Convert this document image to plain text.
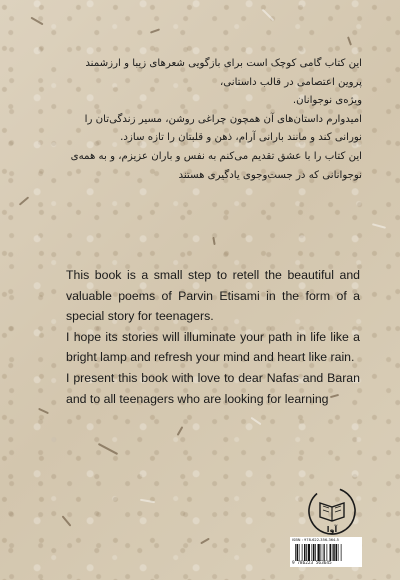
این کتاب گامی کوچک است برای بازگویی شعرهای زیبا و ارزشمند

پروین اعتصامی در قالب داستانی،

ویژه‌ی نوجوانان.

امیدوارم داستان‌های آن همچون چراغی روشن، مسیر زندگی‌تان را

نورانی کند و مانند بارانی آرام، ذهن و قلبتان را تازه سازد.

این کتاب را با عشق تقدیم می‌کنم به نفس و باران عزیزم، و به همه‌ی

نوجوانانی که در جست‌وجوی یادگیری هستند

This book is a small step to retell the beautiful and valuable poems of Parvin Etisami in the form of a special story for teenagers.

I hope its stories will illuminate your path in life like a bright lamp and refresh your mind and heart like rain.

I present this book with love to dear Nafas and Baran and to all teenagers who are looking for learning

آوا
ISBN : 978-622-356-364-5
9 786223 563645
